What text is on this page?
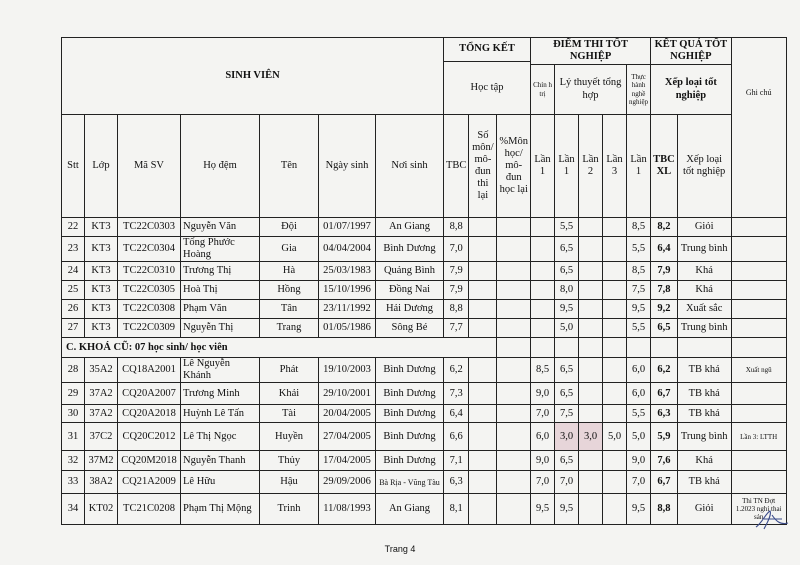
SINH VIÊN							TỔNG KẾT			ĐIỂM THI TỐT NGHIỆP					KẾT QUẢ TỐT NGHIỆP		Ghi chú
							Học tập										
										Chín h trị	Lý thuyết tổng hợp			Thực hành nghề nghiệp	Xếp loại tốt nghiệp		
Stt	Lớp	Mã SV	Họ đệm	Tên	Ngày sinh	Nơi sinh	TBC	Số môn/ mô- đun thi lại	%Môn học/ mô- đun học lại	Lần 1	Lần 1	Lần 2	Lần 3	Lần 1	TBC XL	Xếp loại tốt nghiệp	
22	KT3	TC22C0303	Nguyễn Văn	Đội	01/07/1997	An Giang	8,8				5,5			8,5	8,2	Giỏi	
23	KT3	TC22C0304	Tống Phước Hoàng	Gia	04/04/2004	Bình Dương	7,0				6,5			5,5	6,4	Trung bình	
24	KT3	TC22C0310	Trương Thị	Hà	25/03/1983	Quảng Bình	7,9				6,5			8,5	7,9	Khá	
25	KT3	TC22C0305	Hoà Thị	Hồng	15/10/1996	Đồng Nai	7,9				8,0			7,5	7,8	Khá	
26	KT3	TC22C0308	Phạm Văn	Tân	23/11/1992	Hải Dương	8,8				9,5			9,5	9,2	Xuất sắc	
27	KT3	TC22C0309	Nguyễn Thị	Trang	01/05/1986	Sông Bé	7,7				5,0			5,5	6,5	Trung bình	
C. KHOÁ CŨ: 07 học sinh/ học viên																	
28	35A2	CQ18A2001	Lê Nguyễn Khánh	Phát	19/10/2003	Bình Dương	6,2			8,5	6,5			6,0	6,2	TB khá	Xuất ngũ
29	37A2	CQ20A2007	Trương Minh	Khải	29/10/2001	Bình Dương	7,3			9,0	6,5			6,0	6,7	TB khá	
30	37A2	CQ20A2018	Huỳnh Lê Tấn	Tài	20/04/2005	Bình Dương	6,4			7,0	7,5			5,5	6,3	TB khá	
31	37C2	CQ20C2012	Lê Thị Ngọc	Huyền	27/04/2005	Bình Dương	6,6			6,0	3,0	3,0	5,0	5,0	5,9	Trung bình	Lần 3: LTTH
32	37M2	CQ20M2018	Nguyễn Thanh	Thủy	17/04/2005	Bình Dương	7,1			9,0	6,5			9,0	7,6	Khá	
33	38A2	CQ21A2009	Lê Hữu	Hậu	29/09/2006	Bà Rịa - Vũng Tàu	6,3			7,0	7,0			7,0	6,7	TB khá	
34	KT02	TC21C0208	Phạm Thị Mộng	Trinh	11/08/1993	An Giang	8,1			9,5	9,5			9,5	8,8	Giỏi	Thi TN Đợt 1.2023 nghỉ thai sản
Trang 4
